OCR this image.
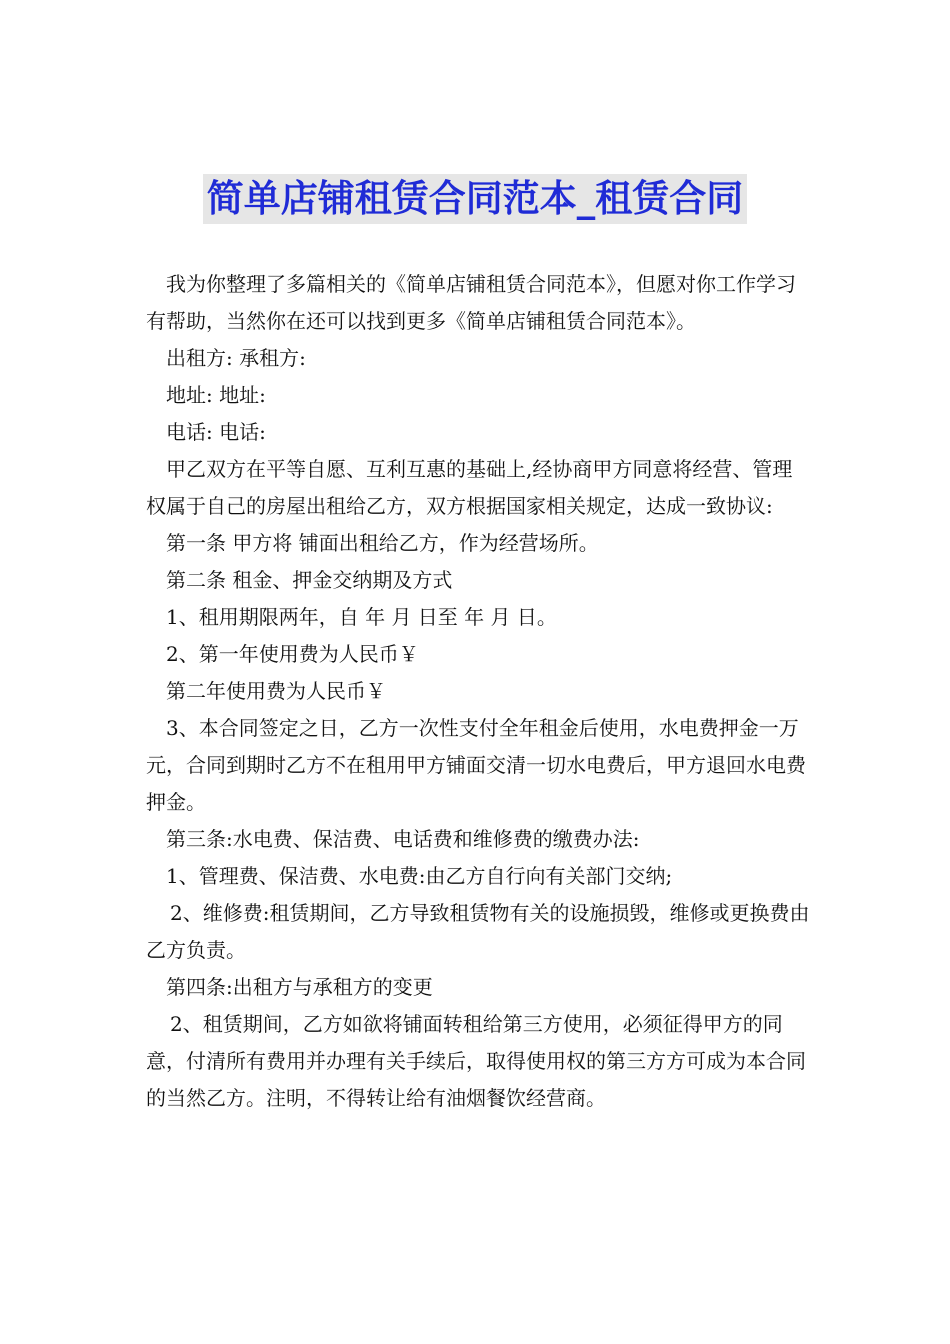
简单店铺租赁合同范本_租赁合同

我为你整理了多篇相关的《简单店铺租赁合同范本》，但愿对你工作学习有帮助，当然你在还可以找到更多《简单店铺租赁合同范本》。

出租方: 承租方:

地址: 地址:

电话: 电话:

甲乙双方在平等自愿、互利互惠的基础上,经协商甲方同意将经营、管理权属于自己的房屋出租给乙方，双方根据国家相关规定，达成一致协议:

第一条 甲方将 铺面出租给乙方，作为经营场所。

第二条 租金、押金交纳期及方式

1、租用期限两年，自 年 月 日至 年 月 日。

2、第一年使用费为人民币￥

第二年使用费为人民币￥

3、本合同签定之日，乙方一次性支付全年租金后使用，水电费押金一万元，合同到期时乙方不在租用甲方铺面交清一切水电费后，甲方退回水电费押金。

第三条:水电费、保洁费、电话费和维修费的缴费办法:

1、管理费、保洁费、水电费:由乙方自行向有关部门交纳;

2、维修费:租赁期间，乙方导致租赁物有关的设施损毁，维修或更换费由乙方负责。

第四条:出租方与承租方的变更

2、租赁期间，乙方如欲将铺面转租给第三方使用，必须征得甲方的同意，付清所有费用并办理有关手续后，取得使用权的第三方方可成为本合同的当然乙方。注明，不得转让给有油烟餐饮经营商。
